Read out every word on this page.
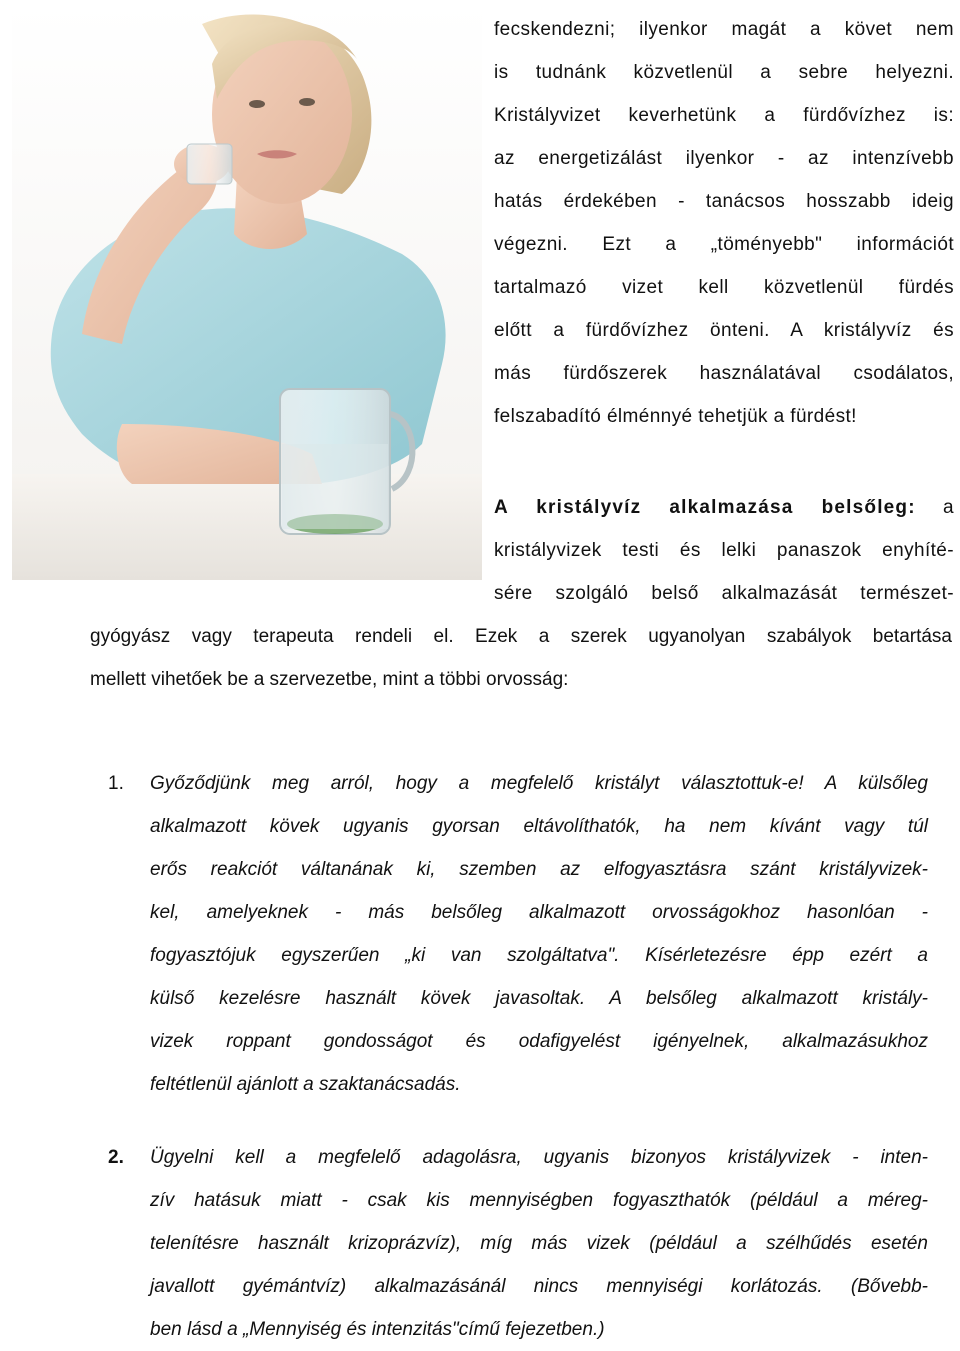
fecskendezni; ilyenkor magát a követ nem
is tudnánk közvetlenül a sebre helyezni.
Kristályvizet keverhetünk a fürdővízhez is:
az energetizálást ilyenkor - az intenzívebb
hatás érdekében - tanácsos hosszabb ideig
végezni. Ezt a „töményebb" információt
tartalmazó vizet kell közvetlenül fürdés
előtt a fürdővízhez önteni. A kristályvíz és
más fürdőszerek használatával csodálatos,
felszabadító élménnyé tehetjük a fürdést!
A kristályvíz alkalmazása belsőleg: a
kristályvizek testi és lelki panaszok enyhíté-
sére szolgáló belső alkalmazását természet-
gyógyász vagy terapeuta rendeli el. Ezek a szerek ugyanolyan szabályok betartása
mellett vihetőek be a szervezetbe, mint a többi orvosság:
1. Győződjünk meg arról, hogy a megfelelő kristályt választottuk-e! A külsőleg
alkalmazott kövek ugyanis gyorsan eltávolíthatók, ha nem kívánt vagy túl
erős reakciót váltanának ki, szemben az elfogyasztásra szánt kristályvizek-
kel, amelyeknek - más belsőleg alkalmazott orvosságokhoz hasonlóan -
fogyasztójuk egyszerűen „ki van szolgáltatva". Kísérletezésre épp ezért a
külső kezelésre használt kövek javasoltak. A belsőleg alkalmazott kristály-
vizek roppant gondosságot és odafigyelést igényelnek, alkalmazásukhoz
feltétlenül ajánlott a szaktanácsadás.
2. Ügyelni kell a megfelelő adagolásra, ugyanis bizonyos kristályvizek - inten-
zív hatásuk miatt - csak kis mennyiségben fogyaszthatók (például a méreg-
telenítésre használt krizoprázvíz), míg más vizek (például a szélhűdés esetén
javallott gyémántvíz) alkalmazásánál nincs mennyiségi korlátozás. (Bővebb-
ben lásd a „Mennyiség és intenzitás"című fejezetben.)
